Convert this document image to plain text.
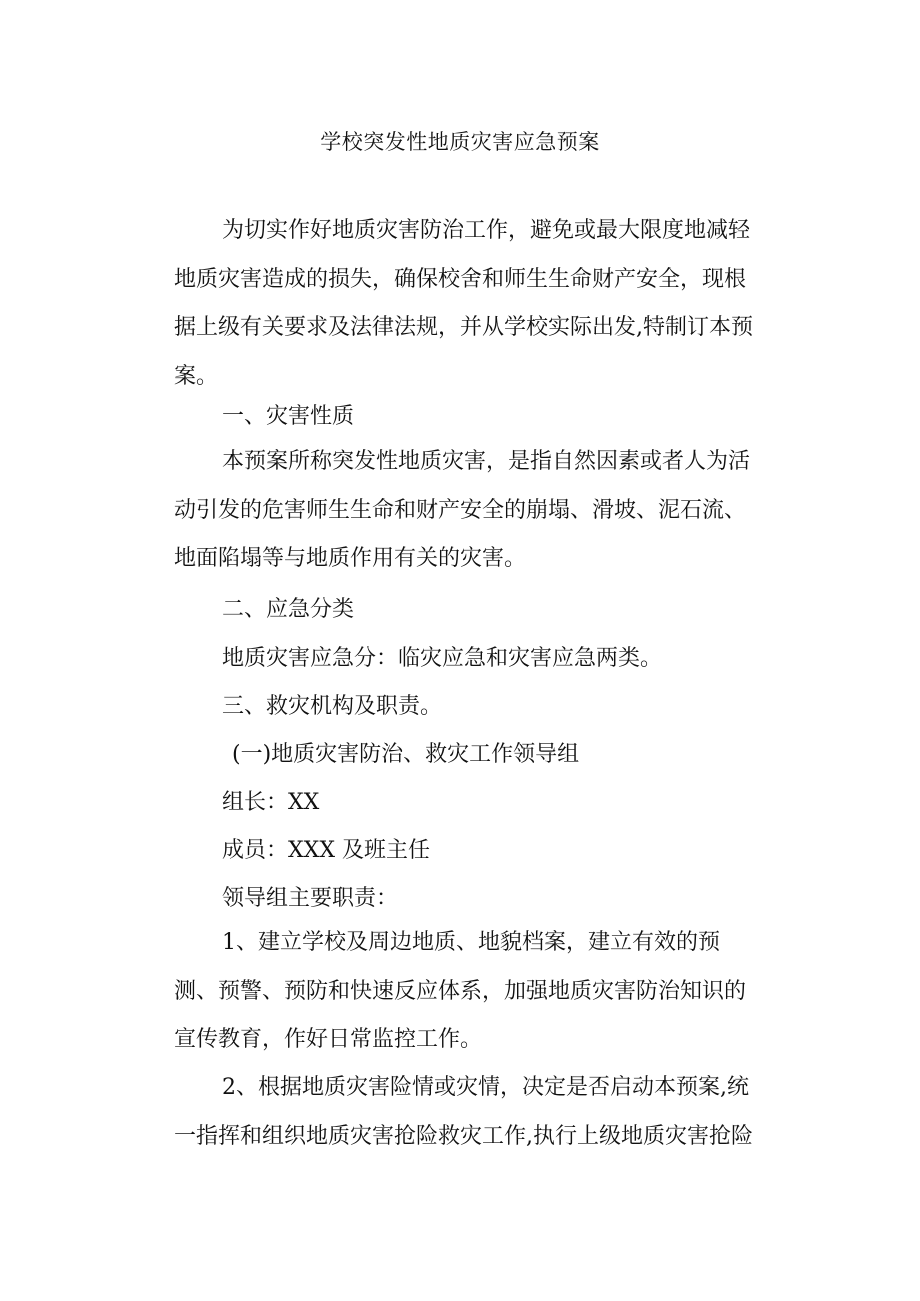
学校突发性地质灾害应急预案

为切实作好地质灾害防治工作，避免或最大限度地减轻地质灾害造成的损失，确保校舍和师生生命财产安全，现根据上级有关要求及法律法规，并从学校实际出发,特制订本预案。

一、灾害性质

本预案所称突发性地质灾害，是指自然因素或者人为活动引发的危害师生生命和财产安全的崩塌、滑坡、泥石流、地面陷塌等与地质作用有关的灾害。

二、应急分类
地质灾害应急分：临灾应急和灾害应急两类。
三、救灾机构及职责。
(一)地质灾害防治、救灾工作领导组
组长：XX
成员：XXX 及班主任
领导组主要职责：

1、建立学校及周边地质、地貌档案，建立有效的预测、预警、预防和快速反应体系，加强地质灾害防治知识的宣传教育，作好日常监控工作。

2、根据地质灾害险情或灾情，决定是否启动本预案,统一指挥和组织地质灾害抢险救灾工作,执行上级地质灾害抢险
